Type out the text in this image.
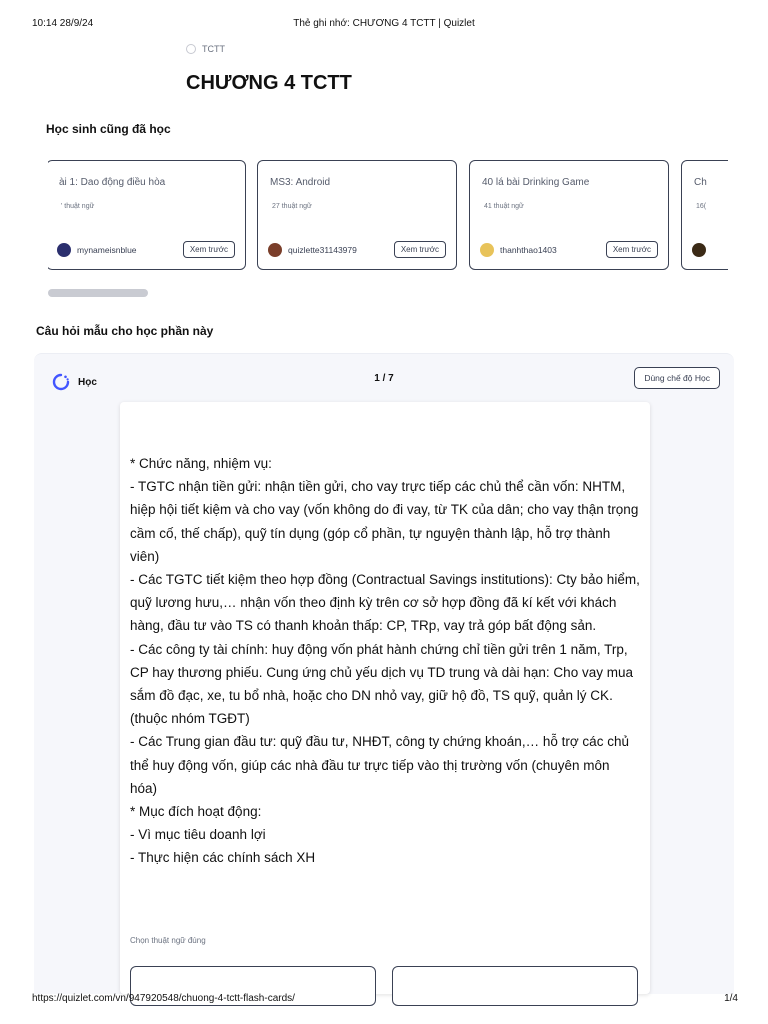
10:14 28/9/24	Thẻ ghi nhớ: CHƯƠNG 4 TCTT | Quizlet
TCTT
CHƯƠNG 4 TCTT
Học sinh cũng đã học
ài 1: Dao động điều hòa
' thuật ngữ
mynameisnblue	Xem trước
MS3: Android
27 thuật ngữ
quizlette31143979	Xem trước
40 lá bài Drinking Game
41 thuật ngữ
thanhthao1403	Xem trước
Ch
16(
Câu hỏi mẫu cho học phần này
Học	1 / 7	Dùng chế độ Học

* Chức năng, nhiệm vụ:

- TGTC nhận tiền gửi: nhận tiền gửi, cho vay trực tiếp các chủ thể cần vốn: NHTM, hiệp hội tiết kiệm và cho vay (vốn không do đi vay, từ TK của dân; cho vay thận trọng cầm cố, thế chấp), quỹ tín dụng (góp cổ phần, tự nguyện thành lập, hỗ trợ thành viên)

- Các TGTC tiết kiệm theo hợp đồng (Contractual Savings institutions): Cty bảo hiểm, quỹ lương hưu,… nhận vốn theo định kỳ trên cơ sở hợp đồng đã kí kết với khách hàng, đầu tư vào TS có thanh khoản thấp: CP, TRp, vay trả góp bất động sản.

- Các công ty tài chính: huy động vốn phát hành chứng chỉ tiền gửi trên 1 năm, Trp, CP hay thương phiếu. Cung ứng chủ yếu dịch vụ TD trung và dài hạn: Cho vay mua sắm đồ đạc, xe, tu bổ nhà, hoặc cho DN nhỏ vay, giữ hộ đồ, TS quỹ, quản lý CK. (thuộc nhóm TGĐT)

- Các Trung gian đầu tư: quỹ đầu tư, NHĐT, công ty chứng khoán,… hỗ trợ các chủ thể huy động vốn, giúp các nhà đầu tư trực tiếp vào thị trường vốn (chuyên môn hóa)

* Mục đích hoạt động:

- Vì mục tiêu doanh lợi

- Thực hiện các chính sách XH

Chọn thuật ngữ đúng
https://quizlet.com/vn/947920548/chuong-4-tctt-flash-cards/	1/4
